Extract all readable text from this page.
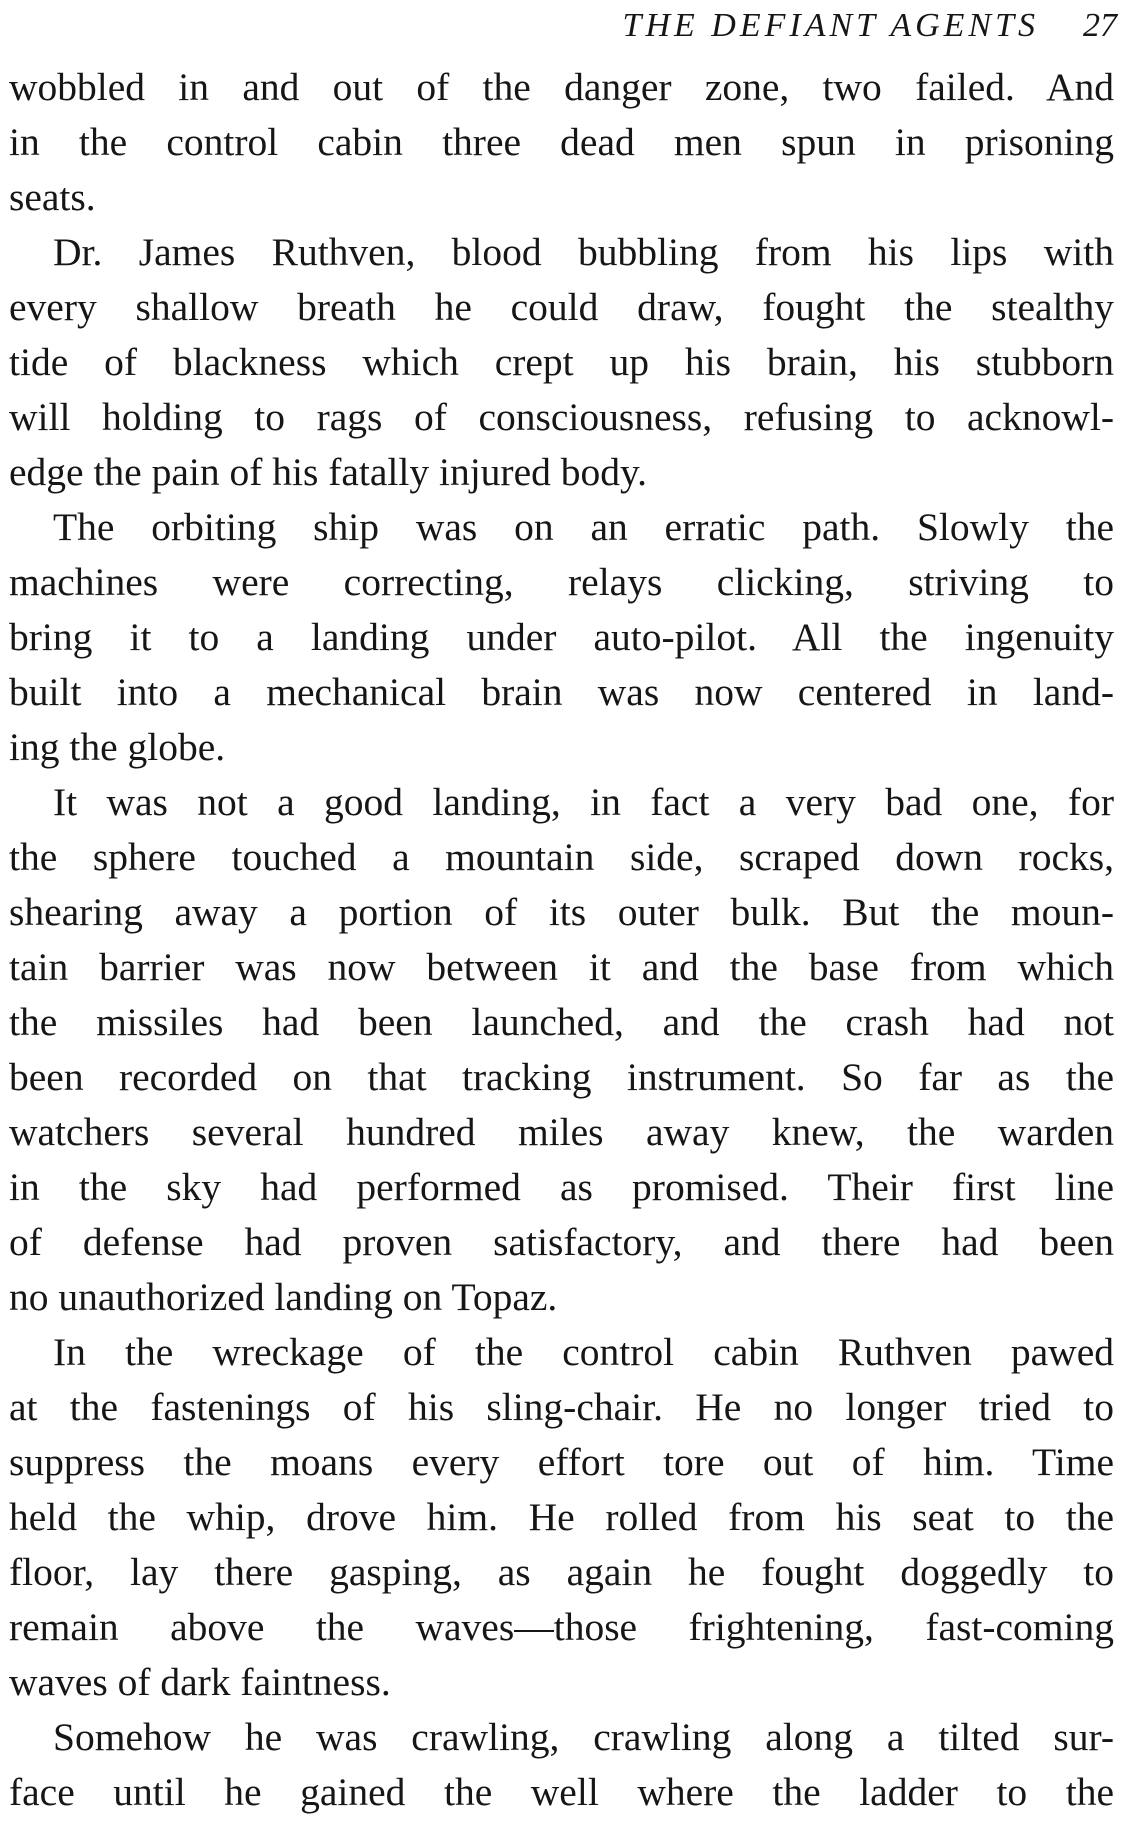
THE DEFIANT AGENTS 27
wobbled in and out of the danger zone, two failed. And
in the control cabin three dead men spun in prisoning
seats.
Dr. James Ruthven, blood bubbling from his lips with
every shallow breath he could draw, fought the stealthy
tide of blackness which crept up his brain, his stubborn
will holding to rags of consciousness, refusing to acknowl-
edge the pain of his fatally injured body.
The orbiting ship was on an erratic path. Slowly the
machines were correcting, relays clicking, striving to
bring it to a landing under auto-pilot. All the ingenuity
built into a mechanical brain was now centered in land-
ing the globe.
It was not a good landing, in fact a very bad one, for
the sphere touched a mountain side, scraped down rocks,
shearing away a portion of its outer bulk. But the moun-
tain barrier was now between it and the base from which
the missiles had been launched, and the crash had not
been recorded on that tracking instrument. So far as the
watchers several hundred miles away knew, the warden
in the sky had performed as promised. Their first line
of defense had proven satisfactory, and there had been
no unauthorized landing on Topaz.
In the wreckage of the control cabin Ruthven pawed
at the fastenings of his sling-chair. He no longer tried to
suppress the moans every effort tore out of him. Time
held the whip, drove him. He rolled from his seat to the
floor, lay there gasping, as again he fought doggedly to
remain above the waves—those frightening, fast-coming
waves of dark faintness.
Somehow he was crawling, crawling along a tilted sur-
face until he gained the well where the ladder to the
